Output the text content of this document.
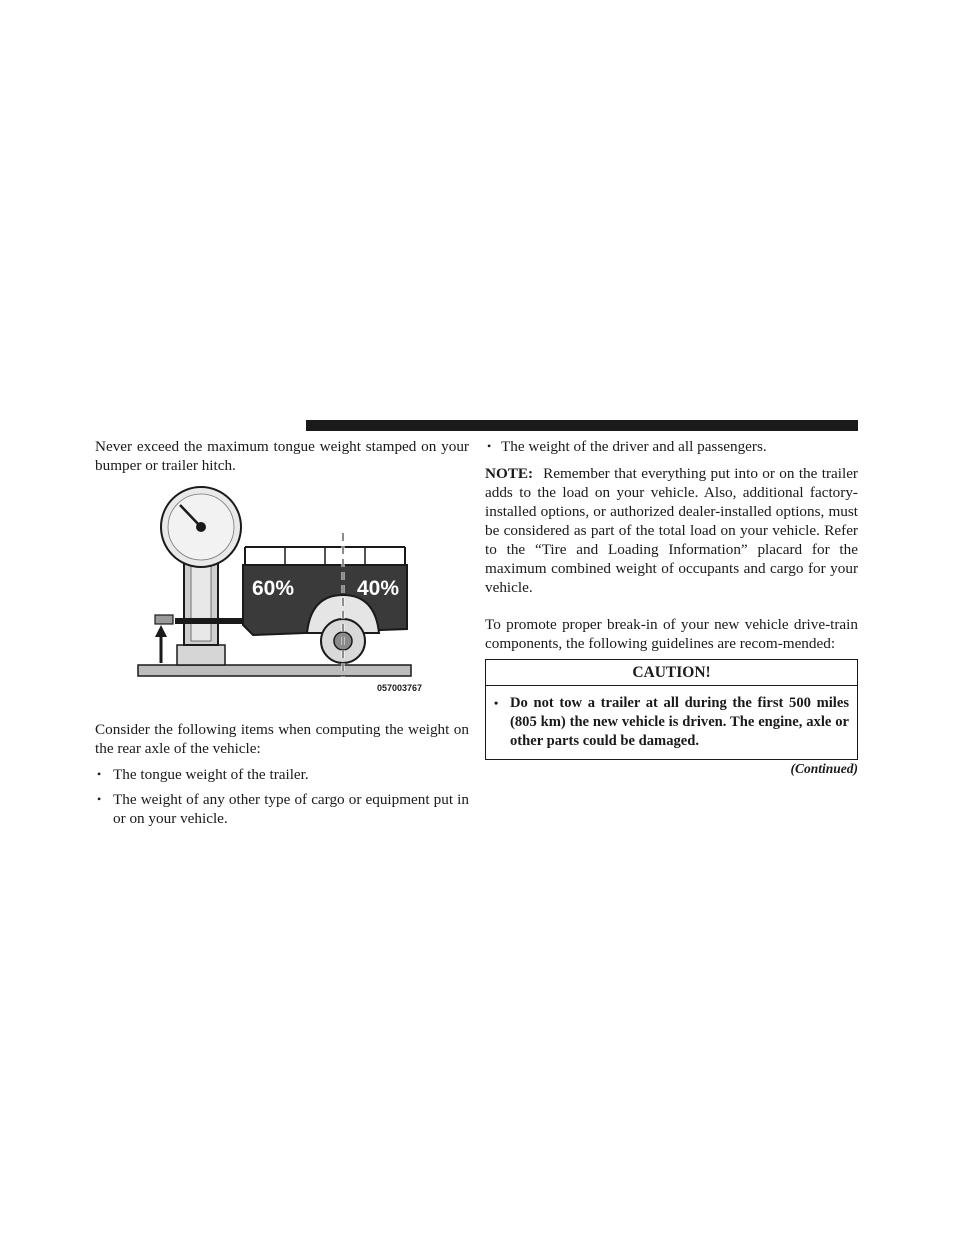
Never exceed the maximum tongue weight stamped on your bumper or trailer hitch.

60%	40%
057003767

Consider the following items when computing the weight on the rear axle of the vehicle:

• The tongue weight of the trailer.
• The weight of any other type of cargo or equipment put in or on your vehicle.
• The weight of the driver and all passengers.

NOTE: Remember that everything put into or on the trailer adds to the load on your vehicle. Also, additional factory-installed options, or authorized dealer-installed options, must be considered as part of the total load on your vehicle. Refer to the “Tire and Loading Information” placard for the maximum combined weight of occupants and cargo for your vehicle.

To promote proper break-in of your new vehicle drive-train components, the following guidelines are recom-mended:

CAUTION!
• Do not tow a trailer at all during the first 500 miles (805 km) the new vehicle is driven. The engine, axle or other parts could be damaged.
(Continued)
